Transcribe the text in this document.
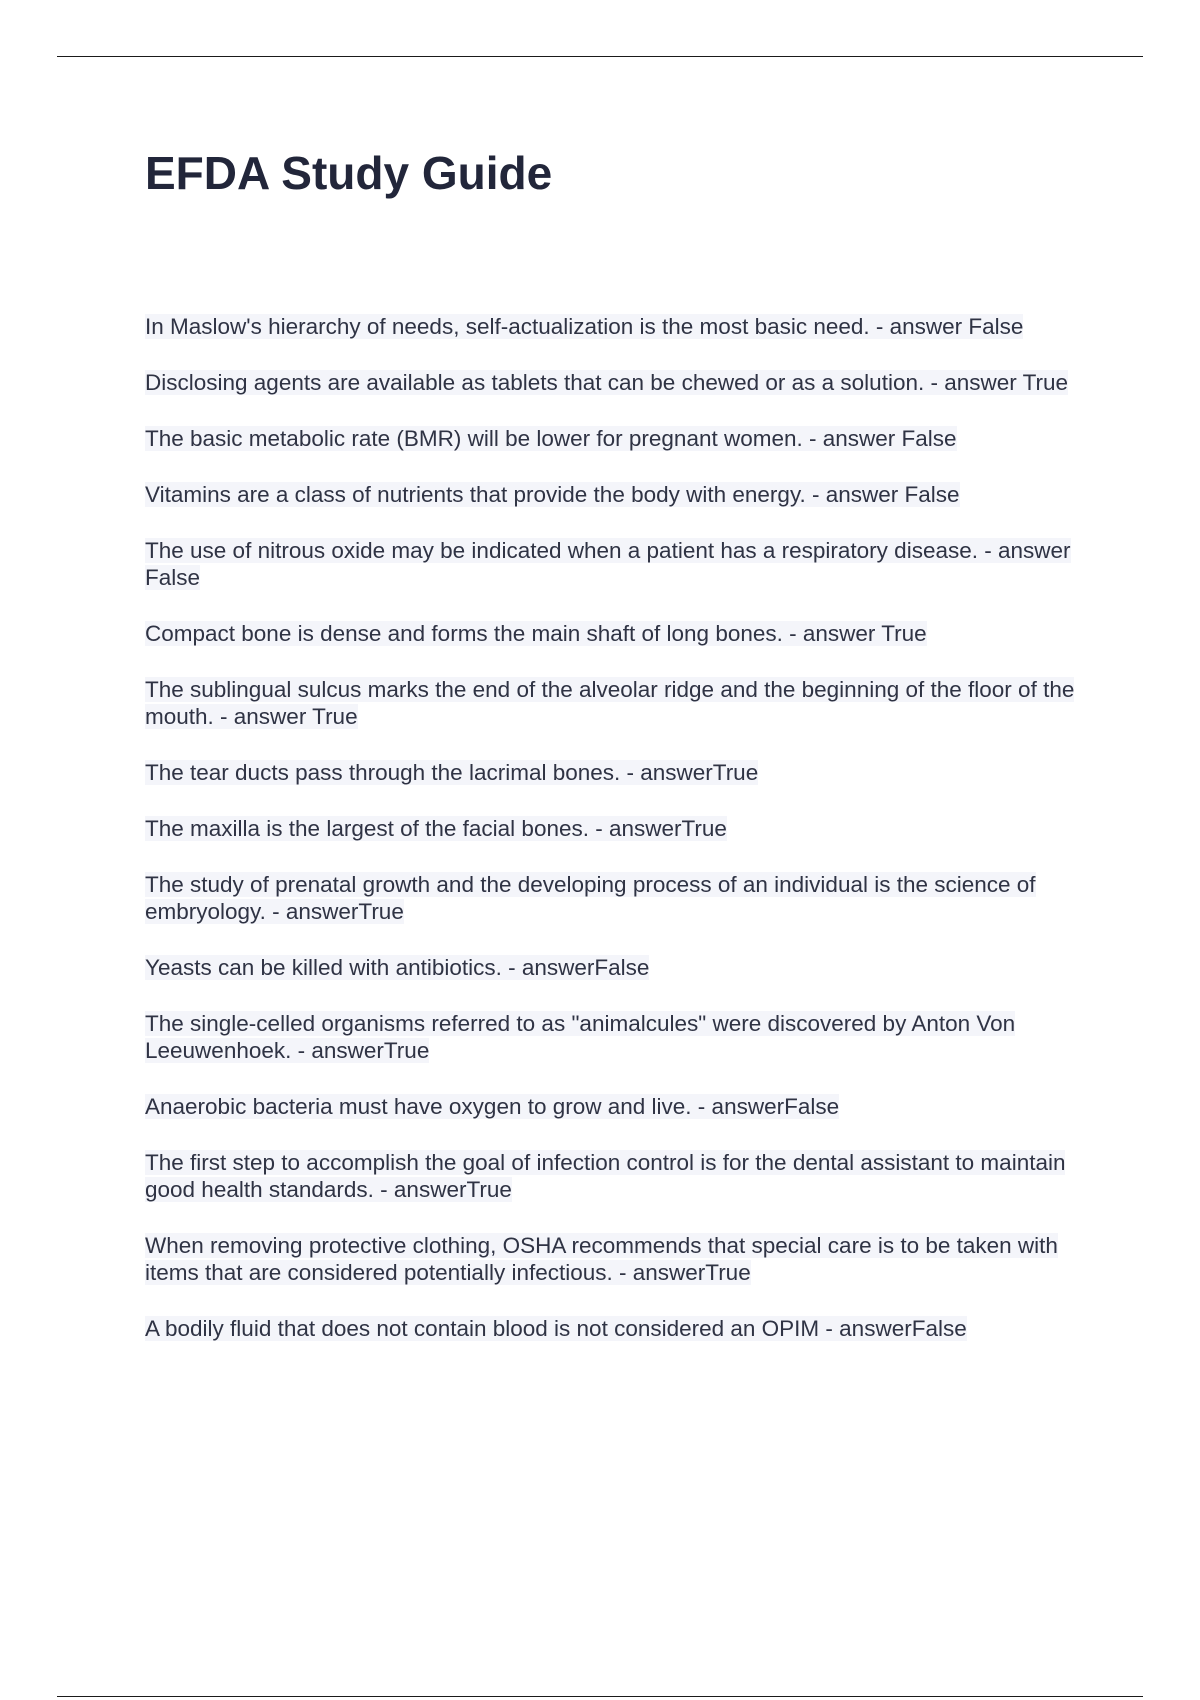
EFDA Study Guide
In Maslow's hierarchy of needs, self-actualization is the most basic need. - answer False
Disclosing agents are available as tablets that can be chewed or as a solution. - answer True
The basic metabolic rate (BMR) will be lower for pregnant women. - answer False
Vitamins are a class of nutrients that provide the body with energy. - answer False
The use of nitrous oxide may be indicated when a patient has a respiratory disease. - answer False
Compact bone is dense and forms the main shaft of long bones. - answer True
The sublingual sulcus marks the end of the alveolar ridge and the beginning of the floor of the mouth. - answer True
The tear ducts pass through the lacrimal bones. - answerTrue
The maxilla is the largest of the facial bones. - answerTrue
The study of prenatal growth and the developing process of an individual is the science of embryology. - answerTrue
Yeasts can be killed with antibiotics. - answerFalse
The single-celled organisms referred to as "animalcules" were discovered by Anton Von Leeuwenhoek. - answerTrue
Anaerobic bacteria must have oxygen to grow and live. - answerFalse
The first step to accomplish the goal of infection control is for the dental assistant to maintain good health standards. - answerTrue
When removing protective clothing, OSHA recommends that special care is to be taken with items that are considered potentially infectious. - answerTrue
A bodily fluid that does not contain blood is not considered an OPIM - answerFalse
